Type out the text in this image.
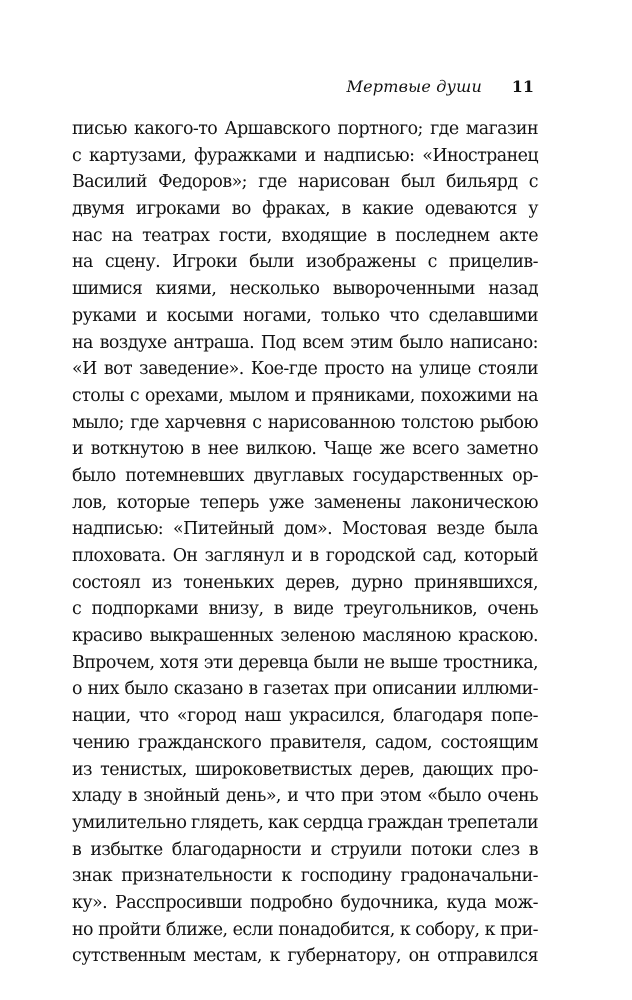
Мертвые души 11
писью какого-то Аршавского портного; где магазин
с картузами, фуражками и надписью: «Иностранец
Василий Федоров»; где нарисован был бильярд с
двумя игроками во фраках, в какие одеваются у
нас на театрах гости, входящие в последнем акте
на сцену. Игроки были изображены с прицелив-
шимися киями, несколько вывороченными назад
руками и косыми ногами, только что сделавшими
на воздухе антраша. Под всем этим было написано:
«И вот заведение». Кое-где просто на улице стояли
столы с орехами, мылом и пряниками, похожими на
мыло; где харчевня с нарисованною толстою рыбою
и воткнутою в нее вилкою. Чаще же всего заметно
было потемневших двуглавых государственных ор-
лов, которые теперь уже заменены лаконическою
надписью: «Питейный дом». Мостовая везде была
плоховата. Он заглянул и в городской сад, который
состоял из тоненьких дерев, дурно принявшихся,
с подпорками внизу, в виде треугольников, очень
красиво выкрашенных зеленою масляною краскою.
Впрочем, хотя эти деревца были не выше тростника,
о них было сказано в газетах при описании иллюми-
нации, что «город наш украсился, благодаря попе-
чению гражданского правителя, садом, состоящим
из тенистых, широковетвистых дерев, дающих про-
хладу в знойный день», и что при этом «было очень
умилительно глядеть, как сердца граждан трепетали
в избытке благодарности и струили потоки слез в
знак признательности к господину градоначальни-
ку». Расспросивши подробно будочника, куда мож-
но пройти ближе, если понадобится, к собору, к при-
сутственным местам, к губернатору, он отправился
